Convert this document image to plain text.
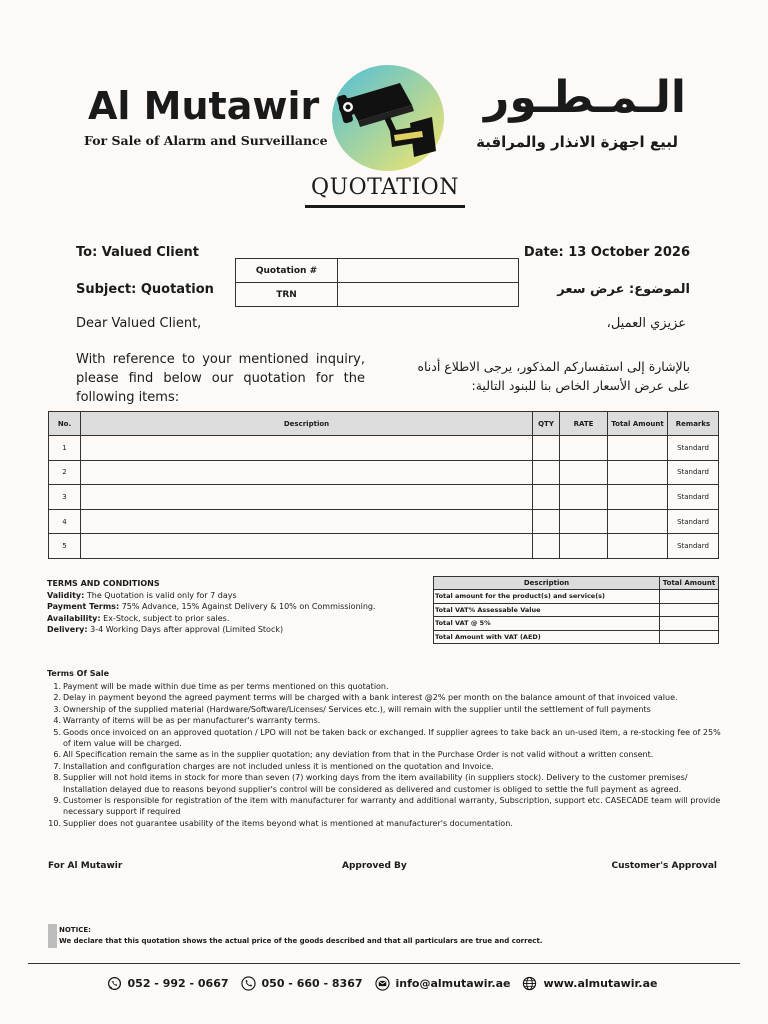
Al Mutawir
For Sale of Alarm and Surveillance
الـمـطـور
لبيع اجهزة الانذار والمراقبة
QUOTATION
To: Valued Client	Date: 13 October 2026
Subject: Quotation	الموضوع: عرض سعر
Quotation #	
TRN	
Dear Valued Client,	عزيزي العميل،
With reference to your mentioned inquiry, please find below our quotation for the
following items:
بالإشارة إلى استفساركم المذكور، يرجى الاطلاع أدناه على عرض الأسعار الخاص بنا للبنود التالية:
No.	Description	QTY	RATE	Total Amount	Remarks
1					Standard
2					Standard
3					Standard
4					Standard
5					Standard
TERMS AND CONDITIONS
Validity: The Quotation is valid only for 7 days
Payment Terms: 75% Advance, 15% Against Delivery & 10% on Commissioning.
Availability: Ex-Stock, subject to prior sales.
Delivery: 3-4 Working Days after approval (Limited Stock)
Description	Total Amount
Total amount for the product(s) and service(s)	
Total VAT% Assessable Value	
Total VAT @ 5%	
Total Amount with VAT (AED)	
Terms Of Sale
1. Payment will be made within due time as per terms mentioned on this quotation.
2. Delay in payment beyond the agreed payment terms will be charged with a bank interest @2% per month on the balance amount of that invoiced value.
3. Ownership of the supplied material (Hardware/Software/Licenses/ Services etc.), will remain with the supplier until the settlement of full payments
4. Warranty of items will be as per manufacturer's warranty terms.
5. Goods once invoiced on an approved quotation / LPO will not be taken back or exchanged. If supplier agrees to take back an un-used item, a re-stocking fee of 25% of item value will be charged.
6. All Specification remain the same as in the supplier quotation; any deviation from that in the Purchase Order is not valid without a written consent.
7. Installation and configuration charges are not included unless it is mentioned on the quotation and Invoice.
8. Supplier will not hold items in stock for more than seven (7) working days from the item availability (in suppliers stock). Delivery to the customer premises/ Installation delayed due to reasons beyond supplier's control will be considered as delivered and customer is obliged to settle the full payment as agreed.
9. Customer is responsible for registration of the item with manufacturer for warranty and additional warranty, Subscription, support etc. CASECADE team will provide necessary support if required
10. Supplier does not guarantee usability of the items beyond what is mentioned at manufacturer's documentation.
For Al Mutawir	Approved By	Customer's Approval
NOTICE:
We declare that this quotation shows the actual price of the goods described and that all particulars are true and correct.
052 - 992 - 0667	050 - 660 - 8367	info@almutawir.ae	www.almutawir.ae
